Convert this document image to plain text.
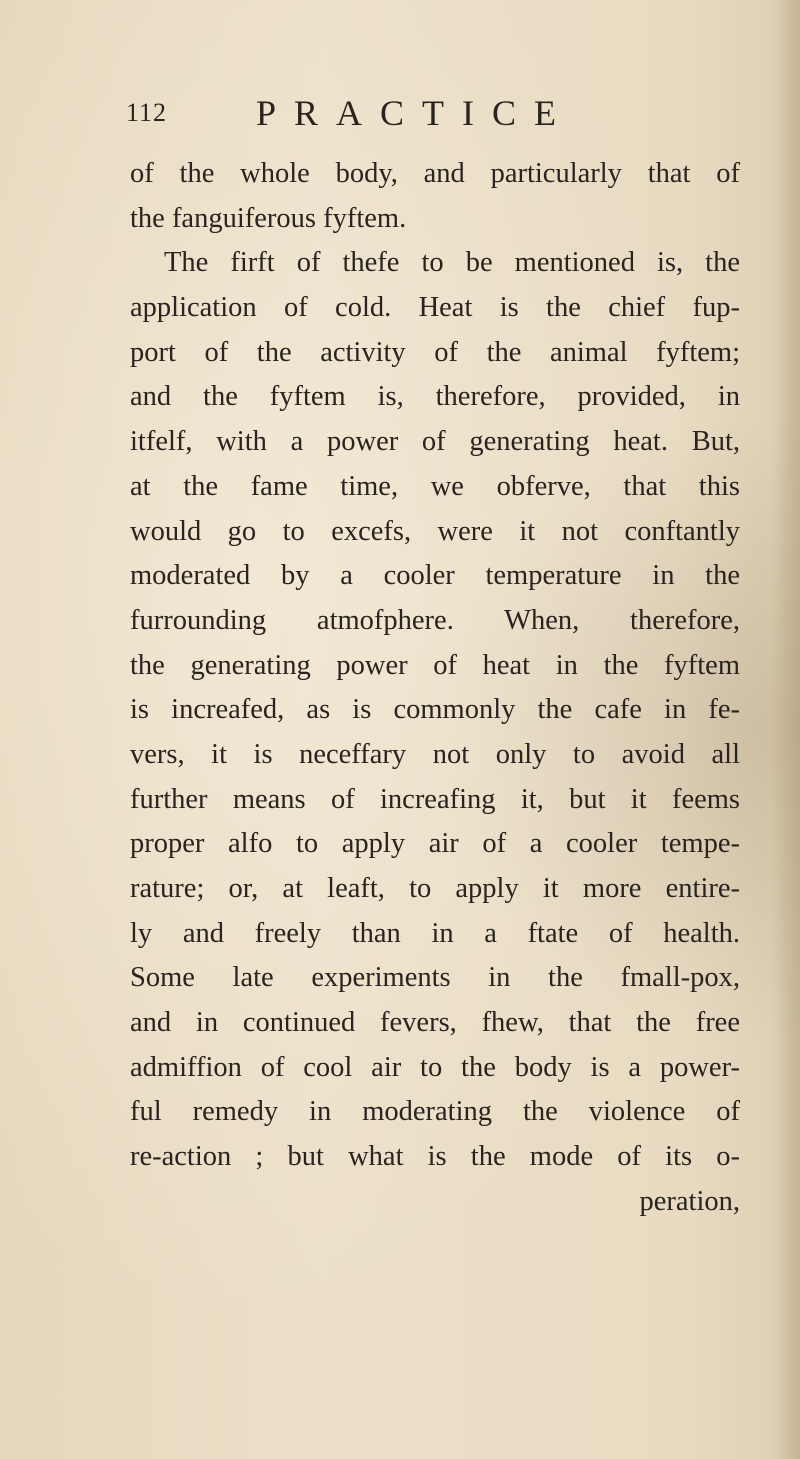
112 PRACTICE
of the whole body, and particularly that of
the fanguiferous fyftem.
The firft of thefe to be mentioned is, the
application of cold. Heat is the chief fup-
port of the activity of the animal fyftem;
and the fyftem is, therefore, provided, in
itfelf, with a power of generating heat. But,
at the fame time, we obferve, that this
would go to excefs, were it not conftantly
moderated by a cooler temperature in the
furrounding atmofphere. When, therefore,
the generating power of heat in the fyftem
is increafed, as is commonly the cafe in fe-
vers, it is neceffary not only to avoid all
further means of increafing it, but it feems
proper alfo to apply air of a cooler tempe-
rature; or, at leaft, to apply it more entire-
ly and freely than in a ftate of health.
Some late experiments in the fmall-pox,
and in continued fevers, fhew, that the free
admiffion of cool air to the body is a power-
ful remedy in moderating the violence of
re-action ; but what is the mode of its o-
peration,
